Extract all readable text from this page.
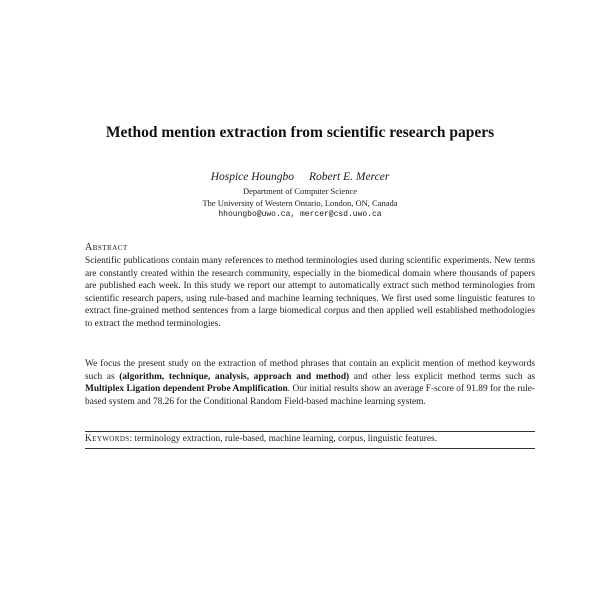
Method mention extraction from scientific research papers
Hospice Houngbo Robert E. Mercer
Department of Computer Science
The University of Western Ontario, London, ON, Canada
hhoungbo@uwo.ca, mercer@csd.uwo.ca
Abstract
Scientific publications contain many references to method terminologies used during scientific experiments. New terms are constantly created within the research community, especially in the biomedical domain where thousands of papers are published each week. In this study we report our attempt to automatically extract such method terminologies from scientific research papers, using rule-based and machine learning techniques. We first used some linguistic features to extract fine-grained method sentences from a large biomedical corpus and then applied well established methodologies to extract the method terminologies.
We focus the present study on the extraction of method phrases that contain an explicit mention of method keywords such as (algorithm, technique, analysis, approach and method) and other less explicit method terms such as Multiplex Ligation dependent Probe Amplification. Our initial results show an average F-score of 91.89 for the rule-based system and 78.26 for the Conditional Random Field-based machine learning system.
Keywords: terminology extraction, rule-based, machine learning, corpus, linguistic features.
